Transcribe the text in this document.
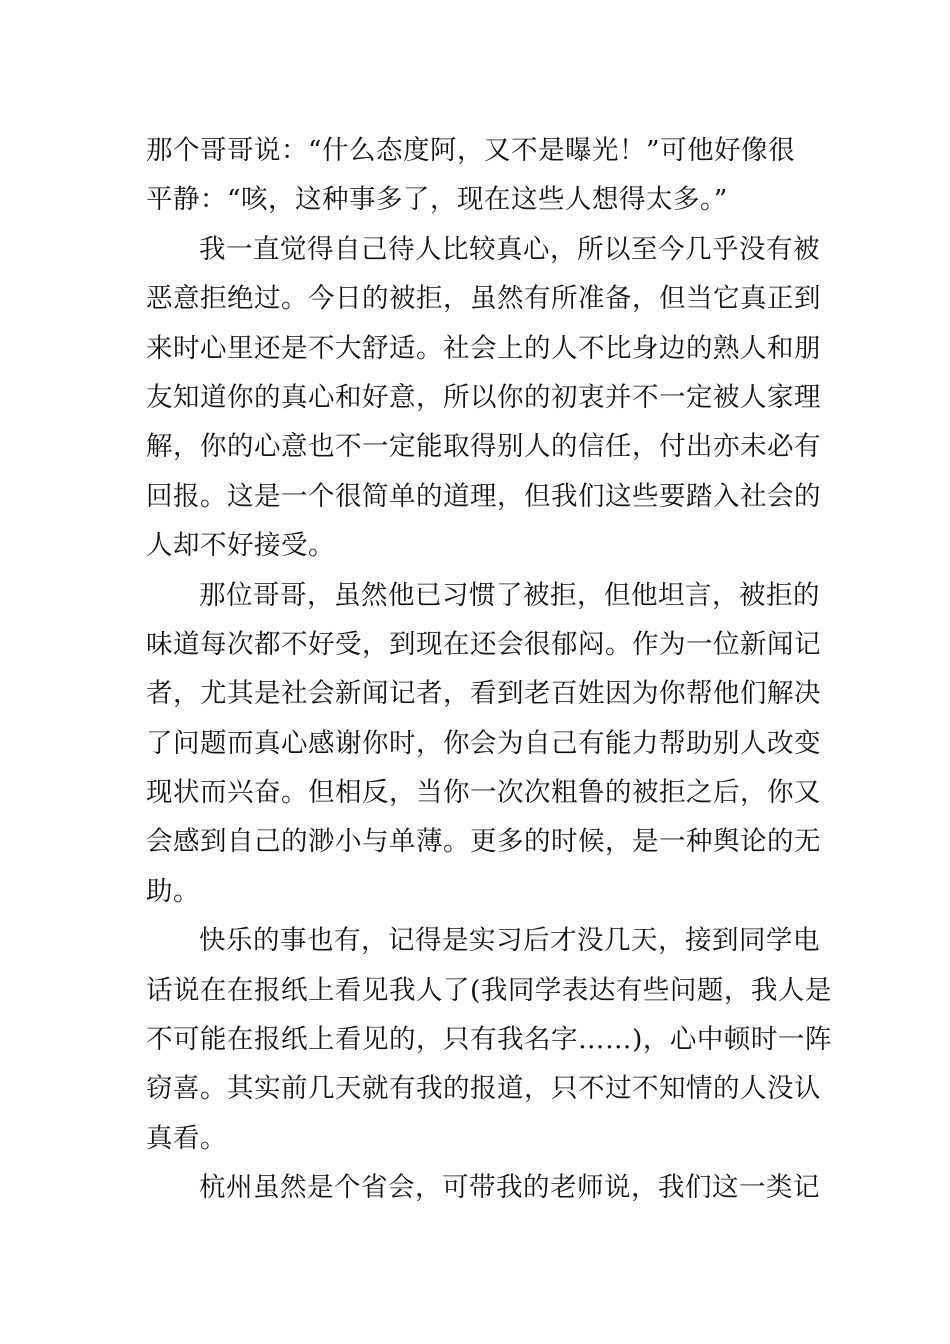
那个哥哥说：“什么态度阿，又不是曝光！”可他好像很
平静：“咳，这种事多了，现在这些人想得太多。”
我一直觉得自己待人比较真心，所以至今几乎没有被
恶意拒绝过。今日的被拒，虽然有所准备，但当它真正到
来时心里还是不大舒适。社会上的人不比身边的熟人和朋
友知道你的真心和好意，所以你的初衷并不一定被人家理
解，你的心意也不一定能取得别人的信任，付出亦未必有
回报。这是一个很简单的道理，但我们这些要踏入社会的
人却不好接受。
那位哥哥，虽然他已习惯了被拒，但他坦言，被拒的
味道每次都不好受，到现在还会很郁闷。作为一位新闻记
者，尤其是社会新闻记者，看到老百姓因为你帮他们解决
了问题而真心感谢你时，你会为自己有能力帮助别人改变
现状而兴奋。但相反，当你一次次粗鲁的被拒之后，你又
会感到自己的渺小与单薄。更多的时候，是一种舆论的无
助。
快乐的事也有，记得是实习后才没几天，接到同学电
话说在在报纸上看见我人了(我同学表达有些问题，我人是
不可能在报纸上看见的，只有我名字……)，心中顿时一阵
窃喜。其实前几天就有我的报道，只不过不知情的人没认
真看。
杭州虽然是个省会，可带我的老师说，我们这一类记
